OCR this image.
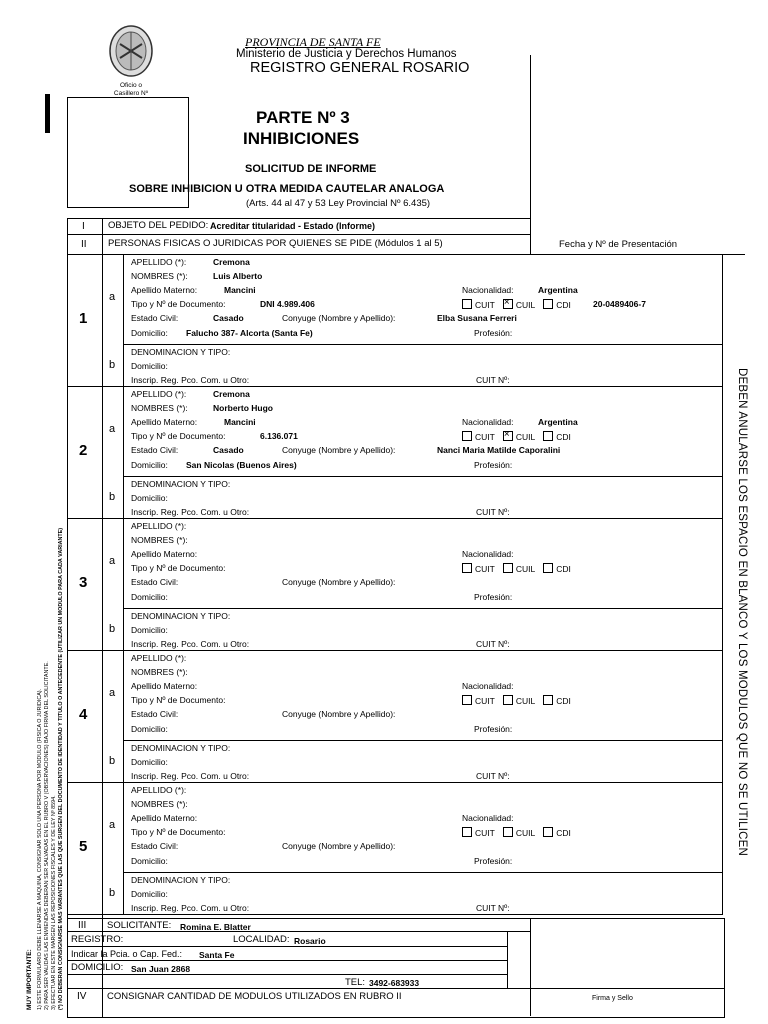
PROVINCIA DE SANTA FE
Ministerio de Justicia y Derechos Humanos
REGISTRO GENERAL ROSARIO
Oficio o
Casillero Nº
PARTE Nº 3
INHIBICIONES
SOLICITUD DE INFORME
SOBRE INHIBICION U OTRA MEDIDA CAUTELAR ANALOGA
(Arts. 44 al 47 y 53 Ley Provincial Nº 6.435)
I OBJETO DEL PEDIDO: Acreditar titularidad - Estado (Informe)
II PERSONAS FISICAS O JURIDICAS POR QUIENES SE PIDE (Módulos 1 al 5)	Fecha y Nº de Presentación
1
a
b
APELLIDO (*):	Cremona
NOMBRES (*):	Luis Alberto
Apellido Materno:	Mancini	Nacionalidad:	Argentina
Tipo y Nº de Documento:	DNI 4.989.406	CUIT × CUIL CDI	20-0489406-7
Estado Civil:	Casado	Conyuge (Nombre y Apellido):	Elba Susana Ferreri
Domicilio: Falucho 387- Alcorta (Santa Fe)	Profesión:
DENOMINACION Y TIPO:
Domicilio:
Inscrip. Reg. Pco. Com. u Otro:	CUIT Nº:
2
a
b
APELLIDO (*):	Cremona
NOMBRES (*):	Norberto Hugo
Apellido Materno:	Mancini	Nacionalidad:	Argentina
Tipo y Nº de Documento:	6.136.071	CUIT × CUIL CDI
Estado Civil:	Casado	Conyuge (Nombre y Apellido):	Nanci Maria Matilde Caporalini
Domicilio: San Nicolas (Buenos Aires)	Profesión:
DENOMINACION Y TIPO:
Domicilio:
Inscrip. Reg. Pco. Com. u Otro:	CUIT Nº:
3
a
b
APELLIDO (*):
NOMBRES (*):
Apellido Materno:	Nacionalidad:
Tipo y Nº de Documento:	CUIT CUIL CDI
Estado Civil:	Conyuge (Nombre y Apellido):
Domicilio:	Profesión:
DENOMINACION Y TIPO:
Domicilio:
Inscrip. Reg. Pco. Com. u Otro:	CUIT Nº:
4
a
b
APELLIDO (*):
NOMBRES (*):
Apellido Materno:	Nacionalidad:
Tipo y Nº de Documento:	CUIT CUIL CDI
Estado Civil:	Conyuge (Nombre y Apellido):
Domicilio:	Profesión:
DENOMINACION Y TIPO:
Domicilio:
Inscrip. Reg. Pco. Com. u Otro:	CUIT Nº:
5
a
b
APELLIDO (*):
NOMBRES (*):
Apellido Materno:	Nacionalidad:
Tipo y Nº de Documento:	CUIT CUIL CDI
Estado Civil:	Conyuge (Nombre y Apellido):
Domicilio:	Profesión:
DENOMINACION Y TIPO:
Domicilio:
Inscrip. Reg. Pco. Com. u Otro:	CUIT Nº:
III SOLICITANTE: Romina E. Blatter
REGISTRO:	LOCALIDAD: Rosario
Indicar la Pcia. o Cap. Fed.: Santa Fe
DOMICILIO: San Juan 2868
TEL: 3492-683933
IV CONSIGNAR CANTIDAD DE MODULOS UTILIZADOS EN RUBRO II	Firma y Sello
DEBEN ANULARSE LOS ESPACIO EN BLANCO Y LOS MODULOS QUE NO SE UTILICEN
MUY IMPORTANTE: 1) ESTE FORMULARIO DEBE LLENARSE A MAQUINA, CONSIGNAR SOLO UNA PERSONA POR MODULO (FISICA O JURIDICA). 2) PARA SER VALIDAS LAS ENMIENDAS DEBERAN SER SALVADAS EN EL RUBRO V (OBSERVACIONES) BAJO FIRMA DEL SOLICITANTE. 3) EFECTUAR EN ESTE MARGEN LAS REPOSICIONES FISCALES Y DE LEY Nº 8594. (*) NO DEBERAN CONSIGNARSE MAS VARIANTES QUE LAS QUE SURGEN DEL DOCUMENTO DE IDENTIDAD Y TITULO O ANTECEDENTE (UTILIZAR UN MODULO PARA CADA VARIANTE)
